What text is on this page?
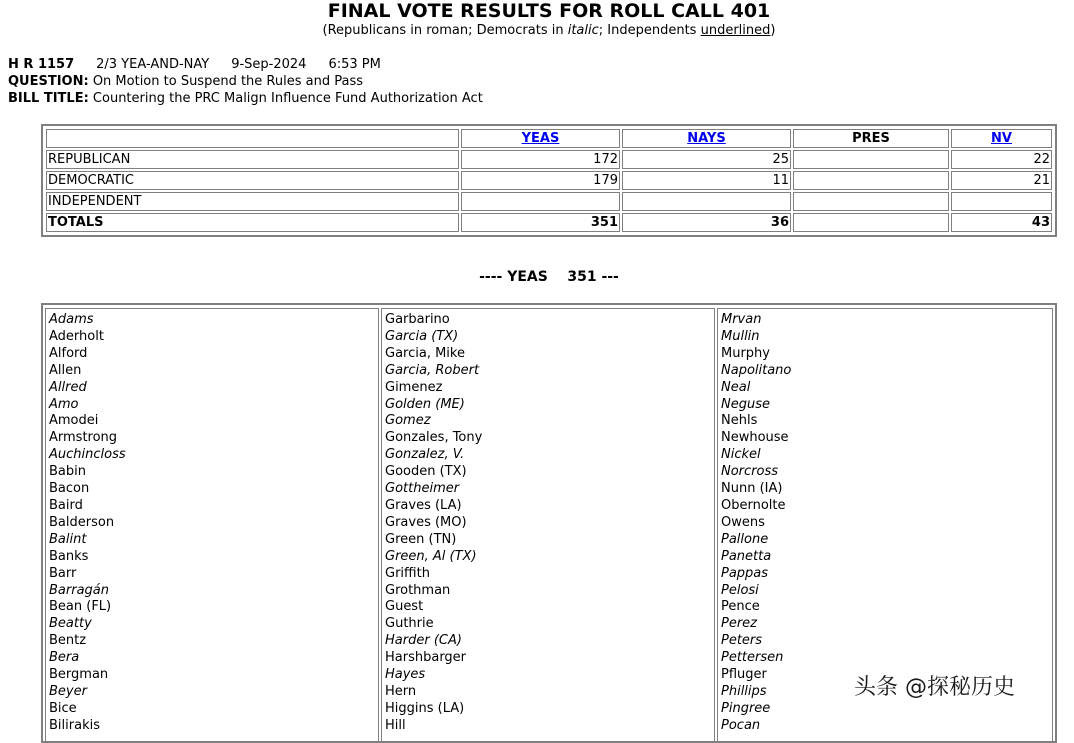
FINAL VOTE RESULTS FOR ROLL CALL 401
(Republicans in roman; Democrats in italic; Independents underlined)
H R 1157 2/3 YEA-AND-NAY 9-Sep-2024 6:53 PM
QUESTION: On Motion to Suspend the Rules and Pass
BILL TITLE: Countering the PRC Malign Influence Fund Authorization Act
	YEAS	NAYS	PRES	NV
REPUBLICAN	172	25		22
DEMOCRATIC	179	11		21
INDEPENDENT				
TOTALS	351	36		43
---- YEAS    351 ---
Adams
Aderholt
Alford
Allen
Allred
Amo
Amodei
Armstrong
Auchincloss
Babin
Bacon
Baird
Balderson
Balint
Banks
Barr
Barragán
Bean (FL)
Beatty
Bentz
Bera
Bergman
Beyer
Bice
Bilirakis
Garbarino
Garcia (TX)
Garcia, Mike
Garcia, Robert
Gimenez
Golden (ME)
Gomez
Gonzales, Tony
Gonzalez, V.
Gooden (TX)
Gottheimer
Graves (LA)
Graves (MO)
Green (TN)
Green, Al (TX)
Griffith
Grothman
Guest
Guthrie
Harder (CA)
Harshbarger
Hayes
Hern
Higgins (LA)
Hill
Mrvan
Mullin
Murphy
Napolitano
Neal
Neguse
Nehls
Newhouse
Nickel
Norcross
Nunn (IA)
Obernolte
Owens
Pallone
Panetta
Pappas
Pelosi
Pence
Perez
Peters
Pettersen
Pfluger
Phillips
Pingree
Pocan
头条 @探秘历史
